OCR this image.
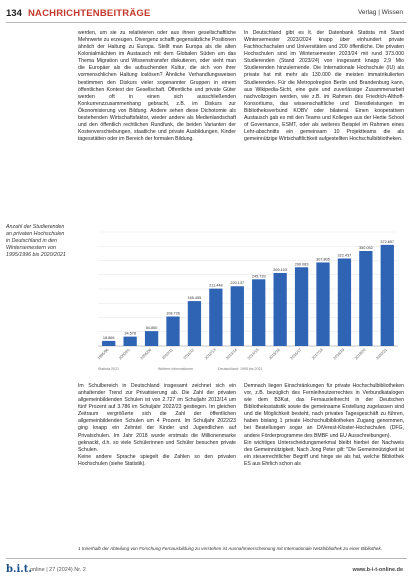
134 NACHRICHTENBEITRÄGE	Verlag | Wissen

werden, um sie zu relativieren oder aus ihnen gesellschaftliche Mehrwerte zu erzeugen. Divergenz schafft gegensätzliche Positionen ähnlich der Haltung zu Europa. Stellt man Europa als die alten Kolonialmächten im Austausch mit dem Globalen Süden um das Thema Migration und Wissenstransfer diskutieren, oder sieht man die Europäer als die aufsuchenden Kultur, die sich von ihrer vormenschlichen Haltung loslösen? Ähnliche Verhandlungsweisen bestimmen den Diskurs vieler sogenannter Gruppen in einem öffentlichen Kontext der Gesellschaft. Öffentliche und private Güter werden oft in einen sich ausschließenden Konkurrenzzusammenhang gebracht, z.B. im Diskurs zur Ökonomisierung von Bildung. Andere sehen diese Dichotomie als bestehenden Wirtschaftsfaktor, wieder andere als Medienlandschaft und den öffentlich rechtlichen Rundfunk, die beiden Varianten der Kostenverschiebungen, staatliche und private Ausbildungen, Kinder tagesstätten oder im Bereich der formalen Bildung.

In Deutschland gibt es lt. der Datenbank Statista mit Stand Wintersemester 2023/2024 knapp über einhundert private Fachhochschulen und Universitäten und 200 öffentliche. Die privaten Hochschulen sind im Wintersemester 2023/24 mit rund 373.000 Studierenden (Stand 2023/24) von insgesamt knapp 2,9 Mio Studierenden hinzulernende. Die Internationale Hochschule (IU) als private hat mit mehr als 130.000 die meisten immatrikulierten Studierenden. Für die Metropolregion Berlin und Brandenburg kann, aus Wikipedia-Sicht, eine gute und zuverlässige Zusammenarbeit nachvollzogen werden, wie z.B. im Rahmen des Friedrich-Althoff-Konsortiums, das wissenschaftliche und Dienstleistungen im Bibliotheksverbund KOBV oder bilateral. Einen kooperativen Austausch gab es mit den Teams und Kollegen aus der Hertie School of Governance, ESMT, oder als weiteres Beispiel im Rahmen eines Lehr-abschnitts ein gemeinsam 10 Projektteams die als gemeinnützige Wirtschaftlichkeit aufgestellten Hochschulbibliotheken.

Anzahl der Studierenden an privaten Hochschulen in Deutschland in den Wintersemestern von 1995/1996 bis 2020/2021
18.866
1995/96
34.578
2000/01
54.850
2005/06
108.726
2010/11
165.455
2011/12
211.448
2012/13
220.137
2013/14
245.739
2014/15
269.103
2015/16
290.083
2016/17
307.805
2017/18
322.437
2018/19
350.052
2019/20
372.657
2020/21
Statista 2021	Weitere Informationen	Deutschland: 1995 bis 2021

Im Schulbereich in Deutschland insgesamt zeichnet sich ein anhaltender Trend zur Privatisierung ab. Die Zahl der privaten allgemeinbildenden Schulen ist von 2.727 im Schuljahr 2013/14 um fünf Prozent auf 3.786 im Schuljahr 2022/23 gestiegen. Im gleichen Zeitraum vergrößerte sich die Zahl der öffentlichen allgemeinbildenden Schulen um 4 Prozent. Im Schuljahr 2022/23 ging knapp ein Zehntel der Kinder und Jugendlichen auf Privatschulen. Im Jahr 2018 wurde erstmals die Millionenmarke geknackt, d.h. so viele Schülerinnen und Schüler besuchen private Schulen.
Keine andere Sprache spiegelt die Zahlen so den privaten Hochschulen (siehe Statistik).

Demnach liegen Einschränkungen für private Hochschulbibliotheken vor, z.B. bezüglich des Fernleihnutzerrechtes in Verbundkatalogen wie dem B3Kat, das Fernausleihrecht in der Deutschen Bibliotheksstatistik sowie die gemeinsame Erstellung zugelassen sind und die Möglichkeit besteht, nach privates Tagesgeschäft zu führen, haben bislang 1 private Hochschulbibliotheken Zugang genommen, bei Bestellungen sogar an DiVerest-Kloster-Hochschulen (DFG, andere Förderprogramme des BMBF und EU Ausschreibungen).
Ein wichtiges Unterscheidungsmerkmal bleibt hierbei der Nachweis des Gemeinnützigkeit. Nach Jong Peter gilt: "Die Gemeinnützigkeit ist ein steuerrechtlicher Begriff und hinge sie als hat, welche Bibliothek ES aus Ehrlich schon als

1 Innerhalb der Abteilung von Forschung Fernausbildung zu verstehen ist Ausnahmeerscheinung mit Internationale Netzbibliothek zu einer Bibliothek.
b.i.t.
online | 27 (2024) Nr. 2	www.b-i-t-online.de
